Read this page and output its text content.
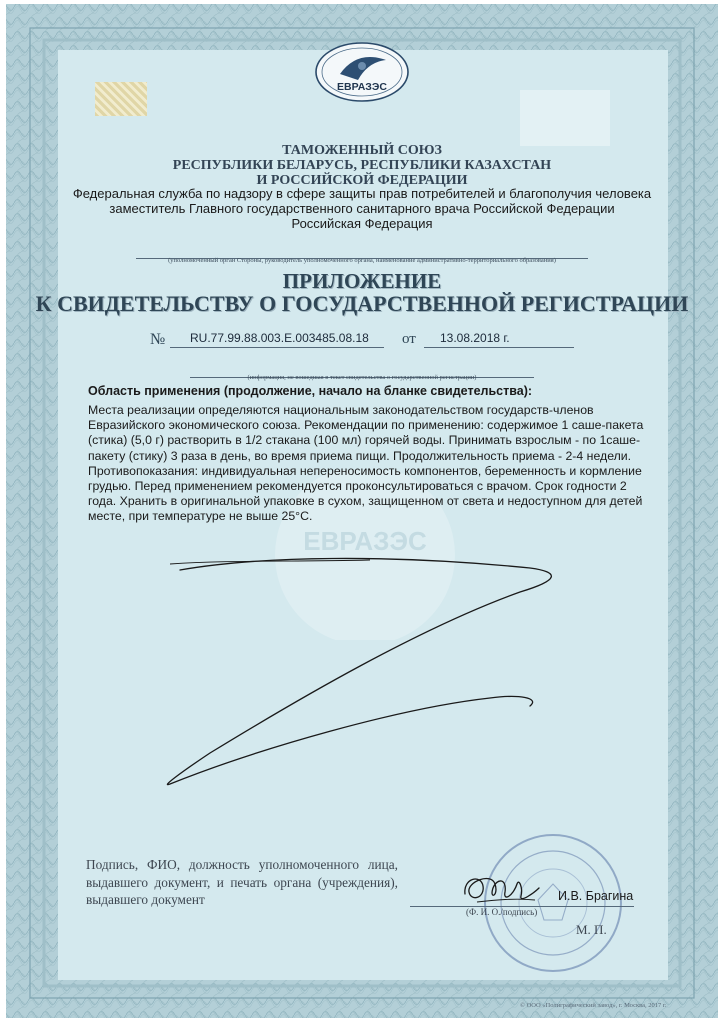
ЕВРАЗЭС
ЕВРАЗЭС
ТАМОЖЕННЫЙ СОЮЗ
РЕСПУБЛИКИ БЕЛАРУСЬ, РЕСПУБЛИКИ КАЗАХСТАН
И РОССИЙСКОЙ ФЕДЕРАЦИИ
Федеральная служба по надзору в сфере защиты прав потребителей и благополучия человека
заместитель Главного государственного санитарного врача Российской Федерации
Российская Федерация
(уполномоченный орган Стороны, руководитель уполномоченного органа, наименование административно-территориального образования)
ПРИЛОЖЕНИЕ
К СВИДЕТЕЛЬСТВУ О ГОСУДАРСТВЕННОЙ РЕГИСТРАЦИИ
№ RU.77.99.88.003.E.003485.08.18 от 13.08.2018 г.
(информация, не вошедшая в текст свидетельства о государственной регистрации)
Область применения (продолжение, начало на бланке свидетельства):
Места реализации определяются национальным законодательством государств-членов
Евразийского экономического союза. Рекомендации по применению: содержимое 1 саше-пакета
(стика) (5,0 г) растворить в 1/2 стакана (100 мл) горячей воды. Принимать взрослым - по 1саше-
пакету (стику) 3 раза в день, во время приема пищи. Продолжительность приема - 2-4 недели.
Противопоказания: индивидуальная непереносимость компонентов, беременность и кормление
грудью. Перед применением рекомендуется проконсультироваться с врачом. Срок годности 2
года. Хранить в оригинальной упаковке в сухом, защищенном от света и недоступном для детей
месте, при температуре не выше 25°С.
Подпись, ФИО, должность уполномоченного лица, выдавшего документ, и печать органа (учреждения), выдавшего документ	И.В. Брагина
(Ф. И. О./подпись)
М. П.
© ООО «Полиграфический завод», г. Москва, 2017 г.
